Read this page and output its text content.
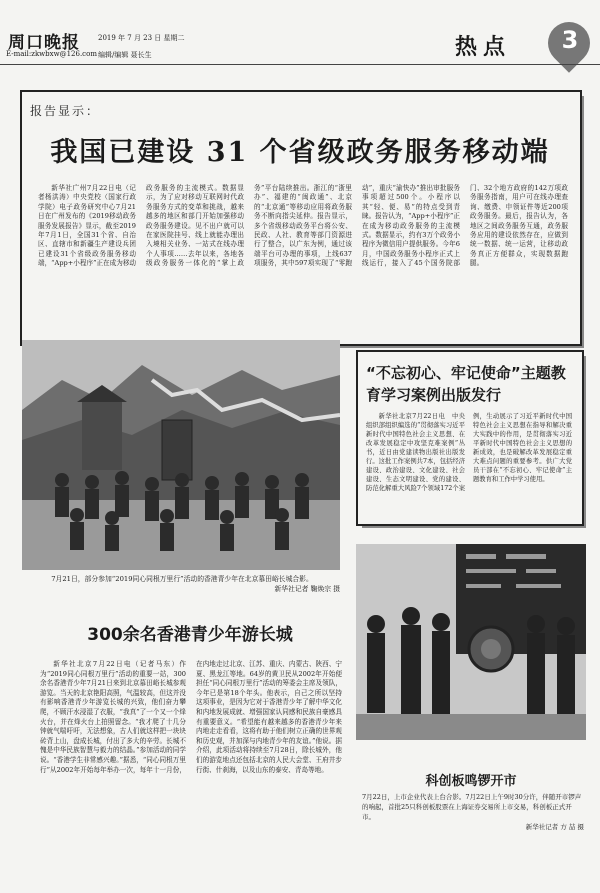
周口晚报	2019 年 7 月 23 日 星期二
E-mail:zkwbxw@126.com 编辑/编辑 聂长生	热点	3
报告显示：
我国已建设 31 个省级政务服务移动端

新华社广州7月22日电（记者杨洪涛）中央党校（国家行政学院）电子政务研究中心7月21日在广州发布的《2019移动政务服务发展报告》显示，截至2019年7月1日，全国31个省、自治区、直辖市和新疆生产建设兵团已建设31个省级政务服务移动端，“App+小程序”正在成为移动政务服务的主流模式。数据显示，为了应对移动互联网时代政务服务方式的变革和挑战，越来越多的地区和部门开始加强移动政务服务建设。见不出户就可以在家医院挂号、线上就能办理出入境相关业务、一站式在线办理个人事项……去年以来，各地各级政务服务一体化的“掌上政务”平台陆续推出。浙江的“浙里办”、福建的“闽政通”、北京的“北京通”等移动应用将政务服务不断向指尖延伸。报告显示，多个省级移动政务平台将公安、民政、人社、教育等部门资源进行了整合，以广东为例，通过该端平台可办理的事项，上线637项服务，其中597项实现了“零跑动”，重庆“渝快办”推出审批服务事项超过500个。小程序以其“轻、便、易”的特点受到青睐。报告认为，“App+小程序”正在成为移动政务服务的主流模式。数据显示，约有3万个政务小程序为微信用户提供服务。今年6月，中国政务服务小程序正式上线运行，接入了45个国务院部门、32个地方政府的142万项政务服务指南，用户可在线办理查询、缴费、申领证件等近200项政务服务。最后，报告认为，各地区之间政务服务互通，政务服务应用的建设依然存在，应做到统一数据、统一运营，让移动政务真正方便群众，实现数据跑腿。

7月21日，部分参加“2019同心同根万里行”活动的香港青少年在北京慕田峪长城合影。
新华社记者 鞠焕宗 摄
300余名香港青少年游长城

新华社北京7月22日电（记者马东）作为“2019同心同根万里行”活动的重要一站，300余名香港青少年7月21日来到北京慕田峪长城参观游览。当天的北京艳阳高照，气温较高，但这并没有影响香港青少年游览长城的兴致，他们奋力攀爬，不顾汗水浸湿了衣服，“我真”了一个又一个烽火台，并在烽火台上拍照留念。“我才爬了十几分钟就气喘吁吁，无法想象，古人们就这样把一块块砖背上山，盘成长城，付出了多大的辛劳。长城不愧是中华民族智慧与毅力的结晶。”参加活动的同学说。“香港学生非常感兴趣。”据悉，“同心同根万里行”从2002年开始每年举办一次，每年十一月份，在内地走过北京、江苏、重庆、内蒙古、陕西、宁夏、黑龙江等地。64岁的黄卫民从2002年开始便担任“同心同根万里行”活动的筹委会主席及领队，今年已是第18个年头。他表示，自己之所以坚持这项事业，是因为它对于香港青少年了解中华文化和内地发展成就、增强国家认同感和民族自豪感具有重要意义。“希望能有越来越多的香港青少年来内地走走看看，这将有助于他们树立正确的世界观和历史观，并加深与内地青少年的友谊。”他说。据介绍，此项活动将持续至7月28日，除长城外，他们的游览地点还包括北京的人民大会堂、王府井步行街、什刹海，以及山东的泰安、青岛等地。

“不忘初心、牢记使命”主题教育学习案例出版发行

新华社北京7月22日电　中央组织部组织编选的“贯彻落实习近平新时代中国特色社会主义思想、在改革发展稳定中攻坚克难案例”丛书，近日由党建读物出版社出版发行。这批工作案例共7本，包括经济建设、政治建设、文化建设、社会建设、生态文明建设、党的建设、防范化解重大风险7个领域172个案例，生动展示了习近平新时代中国特色社会主义思想在指导和解决重大实践中的作用，是贯彻落实习近平新时代中国特色社会主义思想的新成效，也是破解改革发展稳定重大难点问题的重要参考。供广大党员干部在“不忘初心、牢记使命”主题教育和工作中学习使用。

科创板鸣锣开市
7月22日，上市企业代表上台合影。7月22日上午9时30分许，伴随开市锣声的响起，首批25只科创板股票在上海证券交易所上市交易，科创板正式开市。
新华社记者 方 喆 摄
